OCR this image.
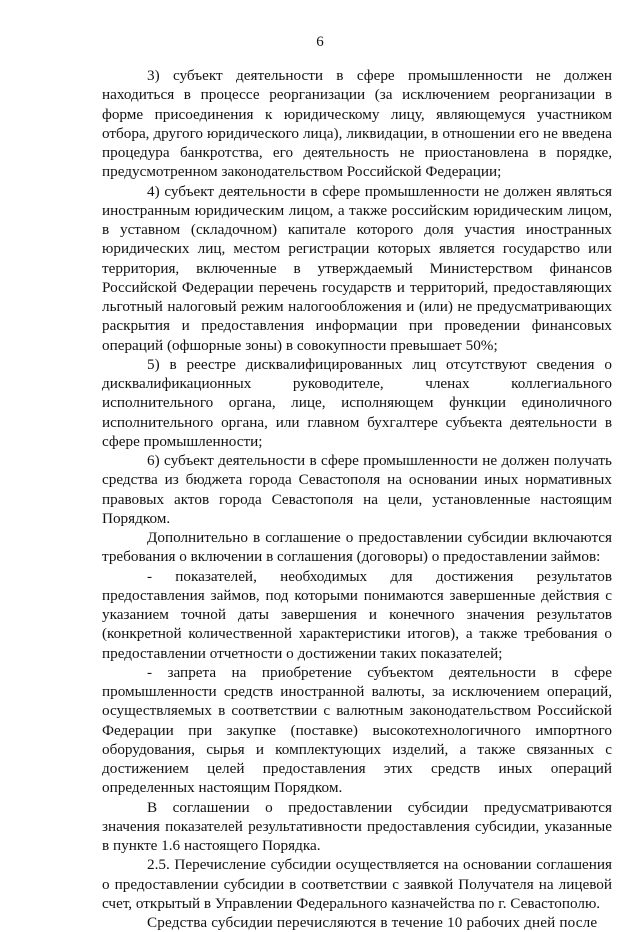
6

3) субъект деятельности в сфере промышленности не должен находиться в процессе реорганизации (за исключением реорганизации в форме присоединения к юридическому лицу, являющемуся участником отбора, другого юридического лица), ликвидации, в отношении его не введена процедура банкротства, его деятельность не приостановлена в порядке, предусмотренном законодательством Российской Федерации;

4) субъект деятельности в сфере промышленности не должен являться иностранным юридическим лицом, а также российским юридическим лицом, в уставном (складочном) капитале которого доля участия иностранных юридических лиц, местом регистрации которых является государство или территория, включенные в утверждаемый Министерством финансов Российской Федерации перечень государств и территорий, предоставляющих льготный налоговый режим налогообложения и (или) не предусматривающих раскрытия и предоставления информации при проведении финансовых операций (офшорные зоны) в совокупности превышает 50%;

5) в реестре дисквалифицированных лиц отсутствуют сведения о дисквалификационных руководителе, членах коллегиального исполнительного органа, лице, исполняющем функции единоличного исполнительного органа, или главном бухгалтере субъекта деятельности в сфере промышленности;

6) субъект деятельности в сфере промышленности не должен получать средства из бюджета города Севастополя на основании иных нормативных правовых актов города Севастополя на цели, установленные настоящим Порядком.

Дополнительно в соглашение о предоставлении субсидии включаются требования о включении в соглашения (договоры) о предоставлении займов:

- показателей, необходимых для достижения результатов предоставления займов, под которыми понимаются завершенные действия с указанием точной даты завершения и конечного значения результатов (конкретной количественной характеристики итогов), а также требования о предоставлении отчетности о достижении таких показателей;

- запрета на приобретение субъектом деятельности в сфере промышленности средств иностранной валюты, за исключением операций, осуществляемых в соответствии с валютным законодательством Российской Федерации при закупке (поставке) высокотехнологичного импортного оборудования, сырья и комплектующих изделий, а также связанных с достижением целей предоставления этих средств иных операций определенных настоящим Порядком.

В соглашении о предоставлении субсидии предусматриваются значения показателей результативности предоставления субсидии, указанные в пункте 1.6 настоящего Порядка.

2.5. Перечисление субсидии осуществляется на основании соглашения о предоставлении субсидии в соответствии с заявкой Получателя на лицевой счет, открытый в Управлении Федерального казначейства по г. Севастополю.

Средства субсидии перечисляются в течение 10 рабочих дней после
